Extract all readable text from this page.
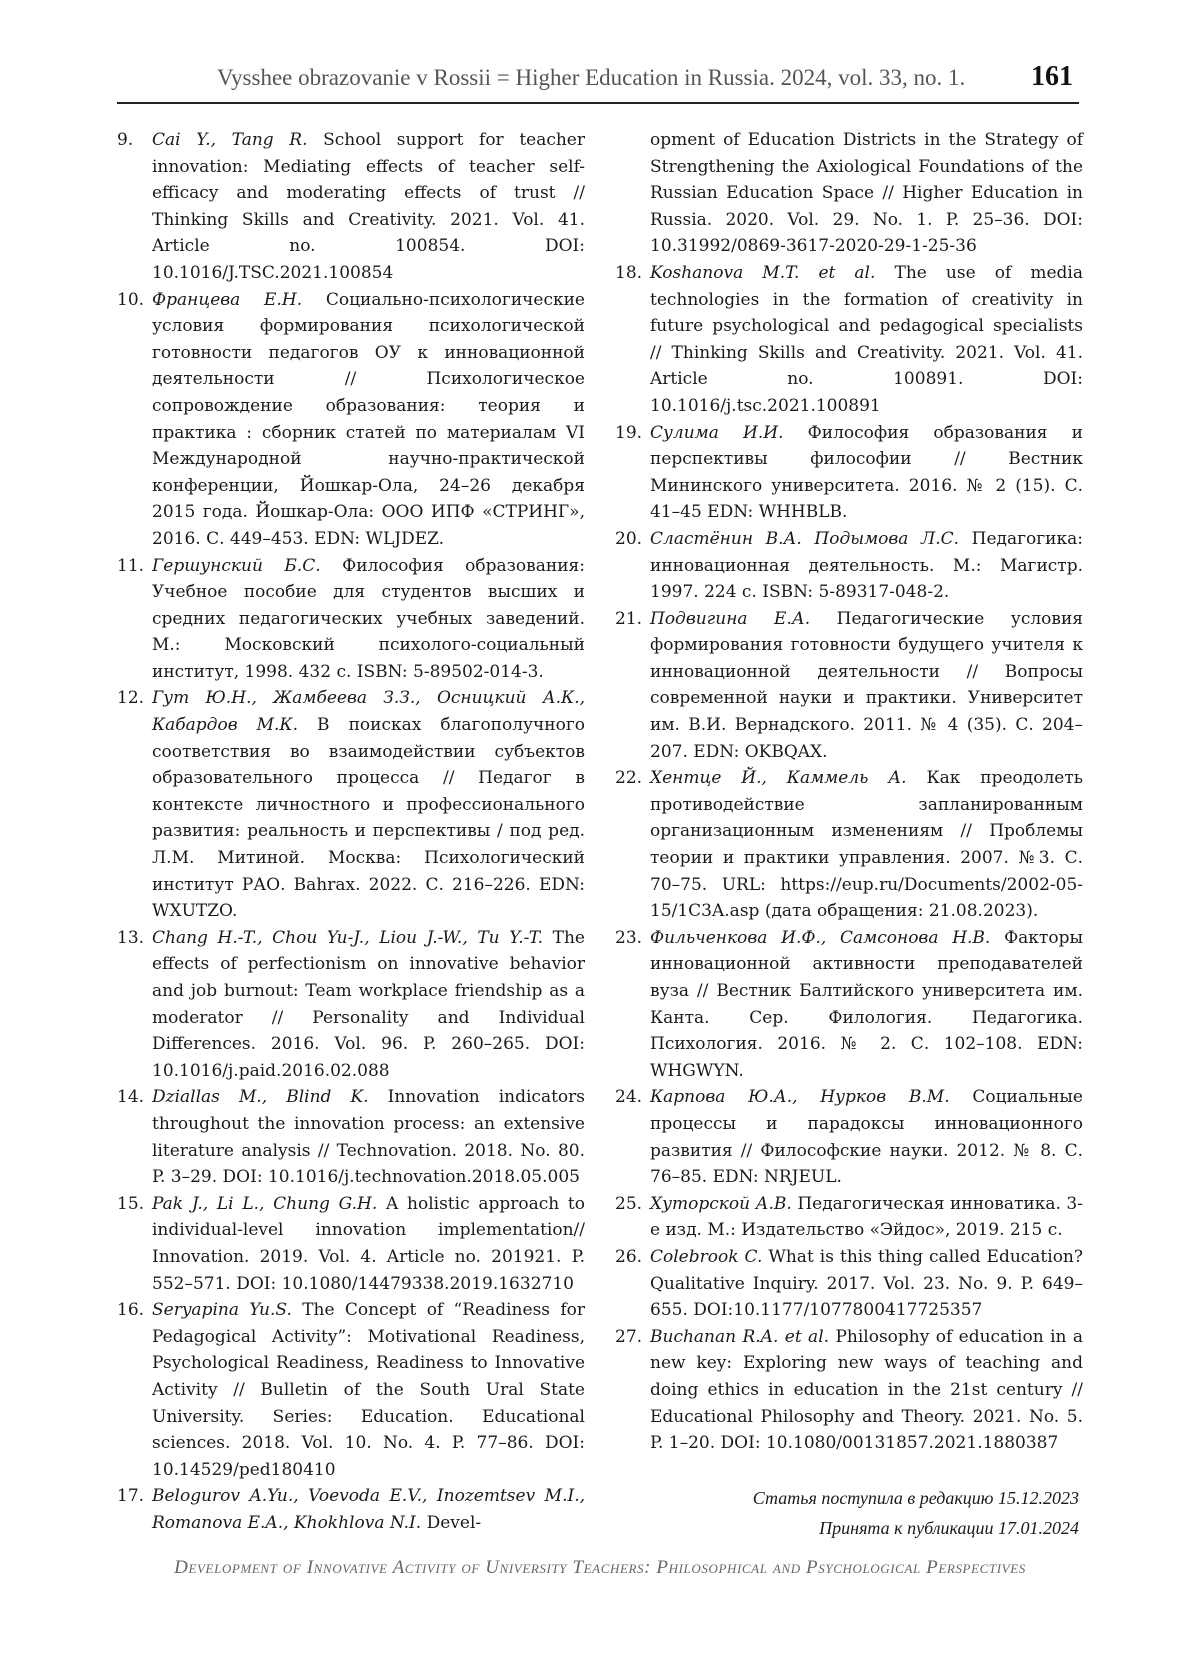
Vysshee obrazovanie v Rossii = Higher Education in Russia. 2024, vol. 33, no. 1. 161

9. Cai Y., Tang R. School support for teacher innovation: Mediating effects of teacher self-efficacy and moderating effects of trust // Thinking Skills and Creativity. 2021. Vol. 41. Article no. 100854. DOI: 10.1016/J.TSC.2021.100854

10. Францева Е.Н. Социально-психологические условия формирования психологической готовности педагогов ОУ к инновационной деятельности // Психологическое сопровождение образования: теория и практика : сборник статей по материалам VI Международной научно-практической конференции, Йошкар-Ола, 24–26 декабря 2015 года. Йошкар-Ола: ООО ИПФ «СТРИНГ», 2016. С. 449–453. EDN: WLJDEZ.

11. Гершунский Б.С. Философия образования: Учебное пособие для студентов высших и средних педагогических учебных заведений. М.: Московский психолого-социальный институт, 1998. 432 с. ISBN: 5-89502-014-3.

12. Гут Ю.Н., Жамбеева З.З., Осницкий А.К., Кабардов М.К. В поисках благополучного соответствия во взаимодействии субъектов образовательного процесса // Педагог в контексте личностного и профессионального развития: реальность и перспективы / под ред. Л.М. Митиной. Москва: Психологический институт РАО. Bahrax. 2022. С. 216–226. EDN: WXUTZO.

13. Chang H.-T., Chou Yu-J., Liou J.-W., Tu Y.-T. The effects of perfectionism on innovative behavior and job burnout: Team workplace friendship as a moderator // Personality and Individual Differences. 2016. Vol. 96. P. 260–265. DOI: 10.1016/j.paid.2016.02.088

14. Dziallas M., Blind K. Innovation indicators throughout the innovation process: an extensive literature analysis // Technovation. 2018. No. 80. P. 3–29. DOI: 10.1016/j.technovation.2018.05.005

15. Pak J., Li L., Chung G.H. A holistic approach to individual-level innovation implementation// Innovation. 2019. Vol. 4. Article no. 201921. P. 552–571. DOI: 10.1080/14479338.2019.1632710

16. Seryapina Yu.S. The Concept of “Readiness for Pedagogical Activity”: Motivational Readiness, Psychological Readiness, Readiness to Innovative Activity // Bulletin of the South Ural State University. Series: Education. Educational sciences. 2018. Vol. 10. No. 4. P. 77–86. DOI: 10.14529/ped180410

17. Belogurov A.Yu., Voevoda E.V., Inozemtsev M.I., Romanova E.A., Khokhlova N.I. Devel-

opment of Education Districts in the Strategy of Strengthening the Axiological Foundations of the Russian Education Space // Higher Education in Russia. 2020. Vol. 29. No. 1. P. 25–36. DOI: 10.31992/0869-3617-2020-29-1-25-36

18. Koshanova M.T. et al. The use of media technologies in the formation of creativity in future psychological and pedagogical specialists // Thinking Skills and Creativity. 2021. Vol. 41. Article no. 100891. DOI: 10.1016/j.tsc.2021.100891

19. Сулима И.И. Философия образования и перспективы философии // Вестник Мининского университета. 2016. № 2 (15). С. 41–45 EDN: WHHBLB.

20. Сластёнин В.А. Подымова Л.С. Педагогика: инновационная деятельность. М.: Магистр. 1997. 224 с. ISBN: 5-89317-048-2.

21. Подвигина Е.А. Педагогические условия формирования готовности будущего учителя к инновационной деятельности // Вопросы современной науки и практики. Университет им. В.И. Вернадского. 2011. № 4 (35). С. 204–207. EDN: OKBQAX.

22. Хентце Й., Каммель А. Как преодолеть противодействие запланированным организационным изменениям // Проблемы теории и практики управления. 2007. №3. С. 70–75. URL: https://eup.ru/Documents/2002-05-15/1C3A.asp (дата обращения: 21.08.2023).

23. Фильченкова И.Ф., Самсонова Н.В. Факторы инновационной активности преподавателей вуза // Вестник Балтийского университета им. Канта. Сер. Филология. Педагогика. Психология. 2016. № 2. С. 102–108. EDN: WHGWYN.

24. Карпова Ю.А., Нурков В.М. Социальные процессы и парадоксы инновационного развития // Философские науки. 2012. № 8. С. 76–85. EDN: NRJEUL.

25. Хуторской А.В. Педагогическая инноватика. 3-е изд. М.: Издательство «Эйдос», 2019. 215 с.

26. Colebrook C. What is this thing called Education? Qualitative Inquiry. 2017. Vol. 23. No. 9. P. 649–655. DOI:10.1177/1077800417725357

27. Buchanan R.A. et al. Philosophy of education in a new key: Exploring new ways of teaching and doing ethics in education in the 21st century // Educational Philosophy and Theory. 2021. No. 5. P. 1–20. DOI: 10.1080/00131857.2021.1880387

Статья поступила в редакцию 15.12.2023
Принята к публикации 17.01.2024
Development of Innovative Activity of University Teachers: Philosophical and Psychological Perspectives
